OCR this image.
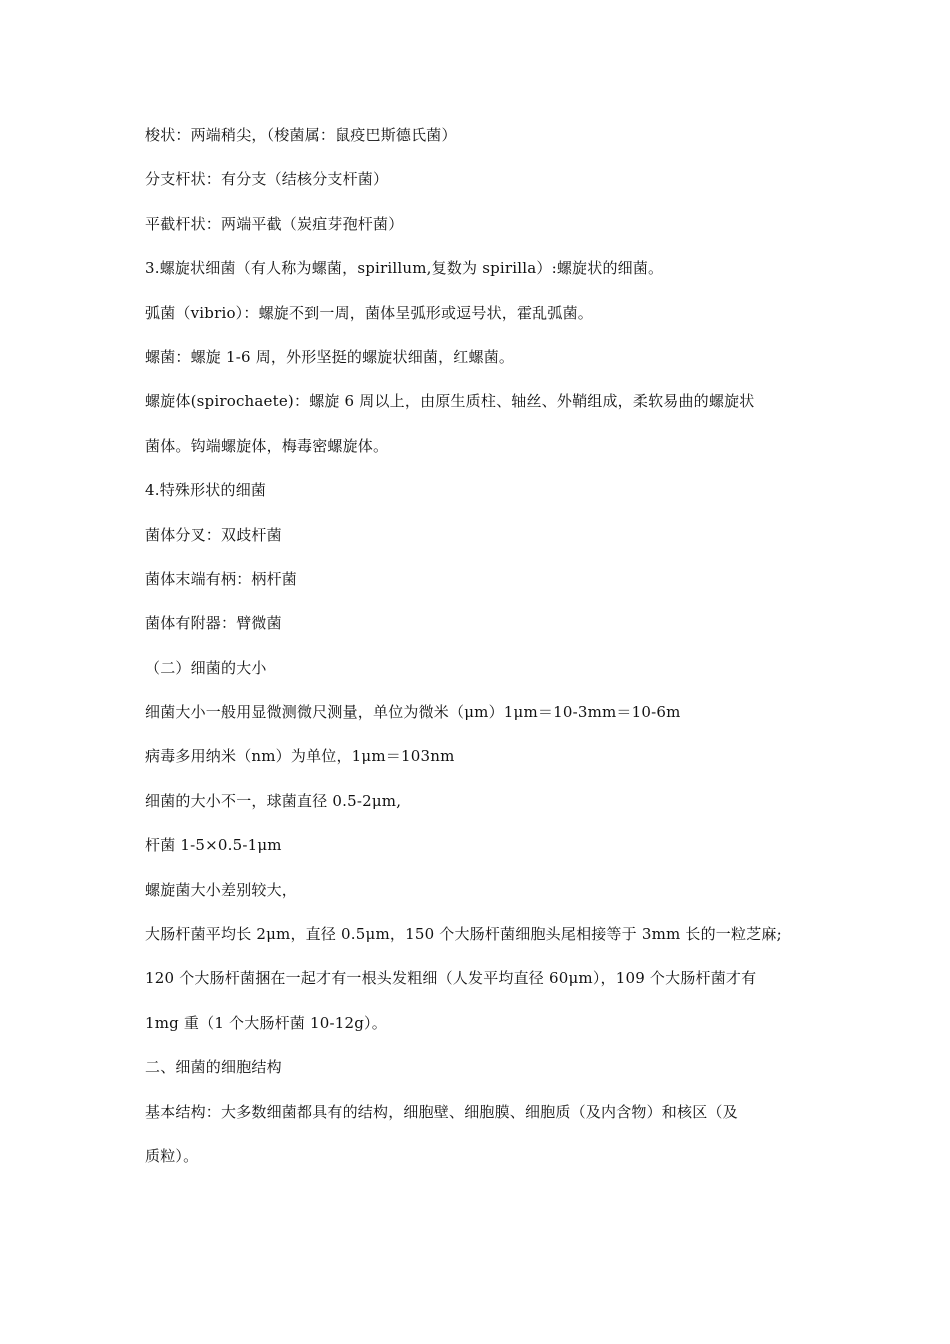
梭状：两端稍尖，（梭菌属：鼠疫巴斯德氏菌）
分支杆状：有分支（结核分支杆菌）
平截杆状：两端平截（炭疽芽孢杆菌）
3.螺旋状细菌（有人称为螺菌，spirillum,复数为 spirilla）:螺旋状的细菌。
弧菌（vibrio）：螺旋不到一周，菌体呈弧形或逗号状，霍乱弧菌。
螺菌：螺旋 1-6 周，外形坚挺的螺旋状细菌，红螺菌。
螺旋体(spirochaete)：螺旋 6 周以上，由原生质柱、轴丝、外鞘组成，柔软易曲的螺旋状
菌体。钩端螺旋体，梅毒密螺旋体。
4.特殊形状的细菌
菌体分叉：双歧杆菌
菌体末端有柄：柄杆菌
菌体有附器：臂微菌
（二）细菌的大小
细菌大小一般用显微测微尺测量，单位为微米（μm）1μm＝10-3mm＝10-6m
病毒多用纳米（nm）为单位，1μm＝103nm
细菌的大小不一，球菌直径 0.5-2μm,
杆菌 1-5×0.5-1μm
螺旋菌大小差别较大，
大肠杆菌平均长 2μm，直径 0.5μm，150 个大肠杆菌细胞头尾相接等于 3mm 长的一粒芝麻;
120 个大肠杆菌捆在一起才有一根头发粗细（人发平均直径 60μm），109 个大肠杆菌才有
1mg 重（1 个大肠杆菌 10-12g）。
二、细菌的细胞结构
基本结构：大多数细菌都具有的结构，细胞壁、细胞膜、细胞质（及内含物）和核区（及
质粒）。
